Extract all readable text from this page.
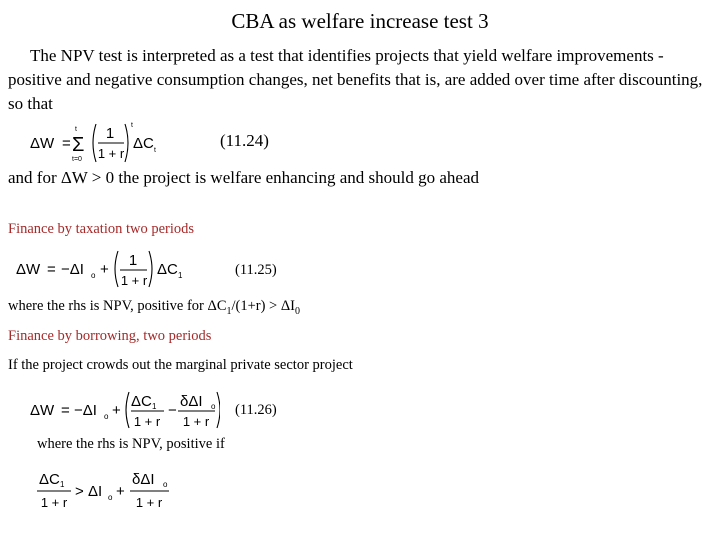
CBA as welfare increase test 3
The NPV test is interpreted as a test that identifies projects that yield welfare improvements - positive and negative consumption changes, net benefits that is, are added over time after discounting, so that
ΔW = Σ
t
t=0
1
1 + r
t
ΔC t
(11.24)
and for ΔW > 0 the project is welfare enhancing and should go ahead
Finance by taxation two periods
ΔW = −ΔI o +
1
1 + r
ΔC 1	(11.25)
where the rhs is NPV, positive for $\Delta C_1/(1+r) > \Delta I_0$
Finance by borrowing, two periods
If the project crowds out the marginal private sector project
ΔW = −ΔI o +
ΔC 1
1 + r
−
δΔI o
1 + r
(11.26)
where the rhs is NPV, positive if
ΔC 1
1 + r
> ΔI o +
δΔI o
1 + r
